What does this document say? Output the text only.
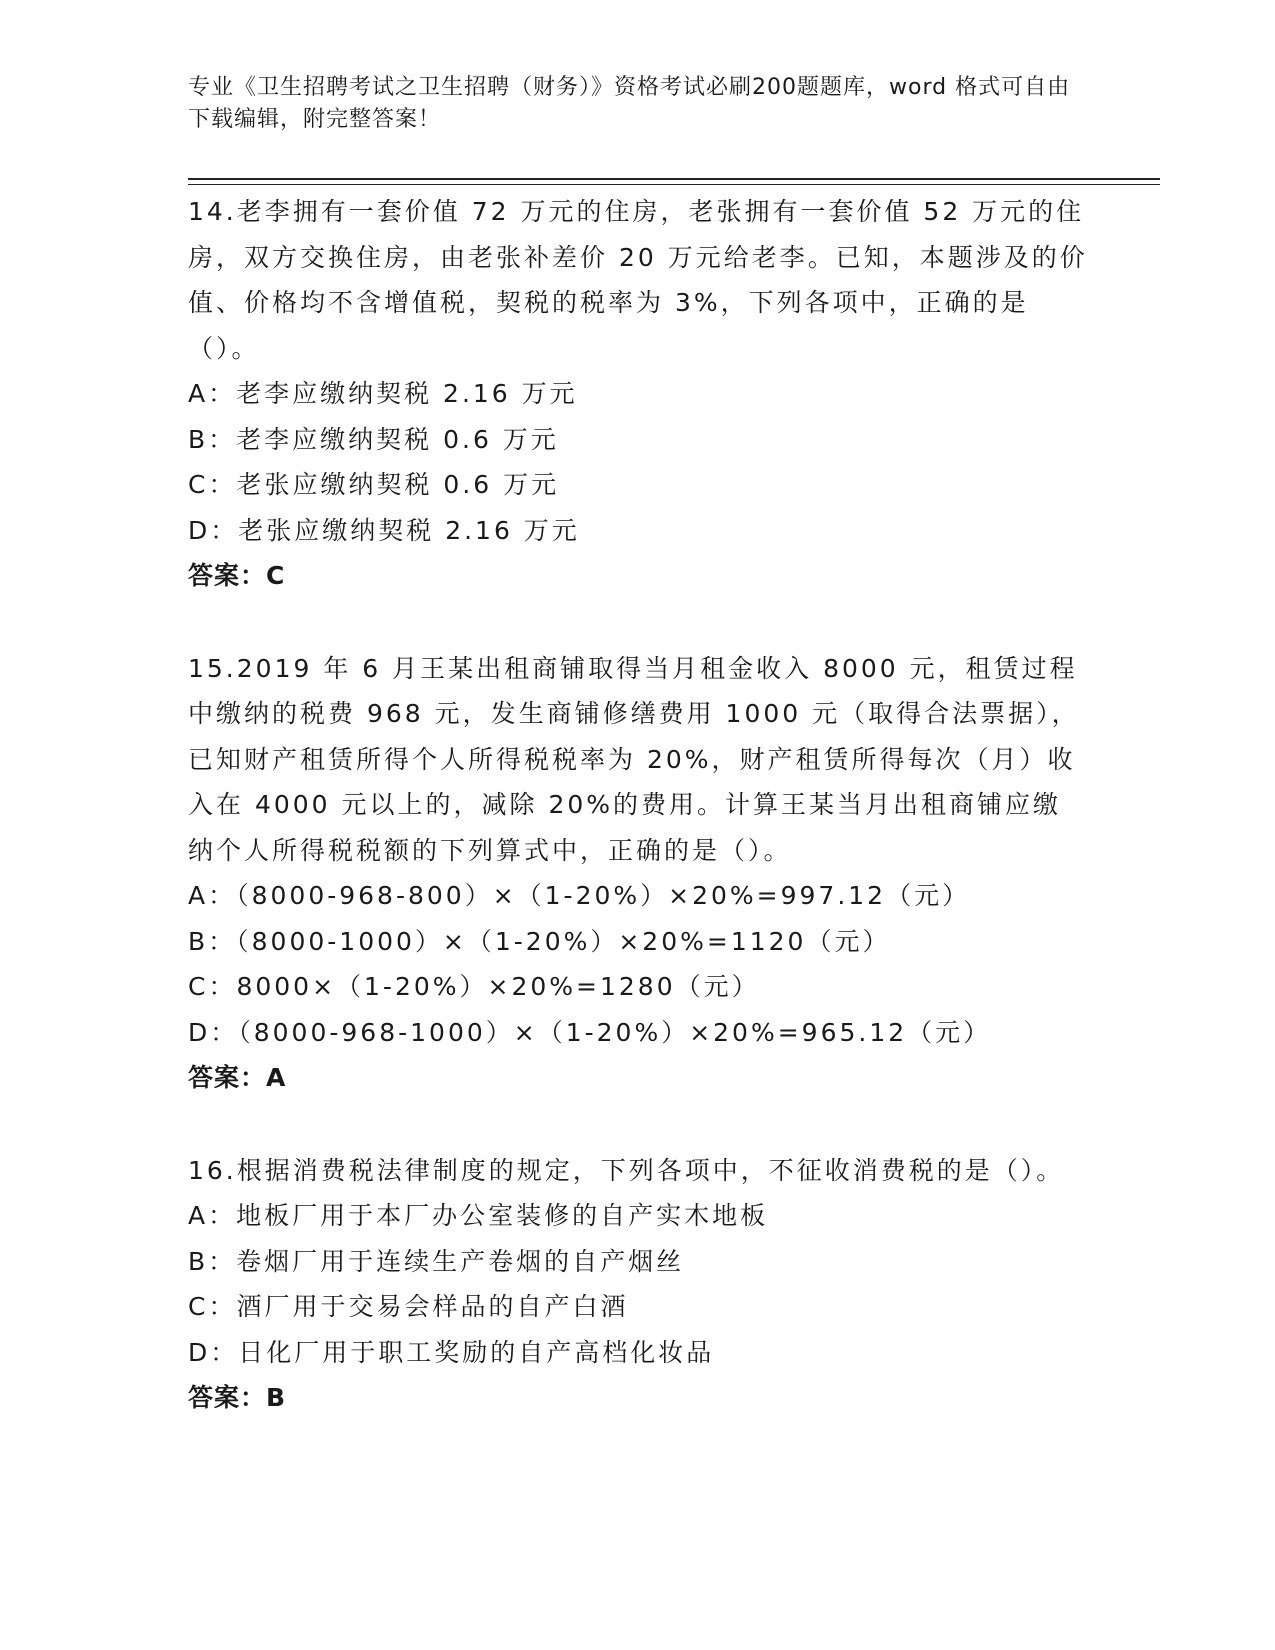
专业《卫生招聘考试之卫生招聘（财务）》资格考试必刷200题题库，word 格式可自由下载编辑，附完整答案！

14.老李拥有一套价值 72 万元的住房，老张拥有一套价值 52 万元的住房，双方交换住房，由老张补差价 20 万元给老李。已知，本题涉及的价值、价格均不含增值税，契税的税率为 3%，下列各项中，正确的是（）。

A：老李应缴纳契税 2.16 万元

B：老李应缴纳契税 0.6 万元

C：老张应缴纳契税 0.6 万元

D：老张应缴纳契税 2.16 万元

答案：C

15.2019 年 6 月王某出租商铺取得当月租金收入 8000 元，租赁过程中缴纳的税费 968 元，发生商铺修缮费用 1000 元（取得合法票据），已知财产租赁所得个人所得税税率为 20%，财产租赁所得每次（月）收入在 4000 元以上的，减除 20%的费用。计算王某当月出租商铺应缴纳个人所得税税额的下列算式中，正确的是（）。

A：（8000-968-800）×（1-20%）×20%=997.12（元）

B：（8000-1000）×（1-20%）×20%=1120（元）

C：8000×（1-20%）×20%=1280（元）

D：（8000-968-1000）×（1-20%）×20%=965.12（元）

答案：A

16.根据消费税法律制度的规定，下列各项中，不征收消费税的是（）。

A：地板厂用于本厂办公室装修的自产实木地板

B：卷烟厂用于连续生产卷烟的自产烟丝

C：酒厂用于交易会样品的自产白酒

D：日化厂用于职工奖励的自产高档化妆品

答案：B
